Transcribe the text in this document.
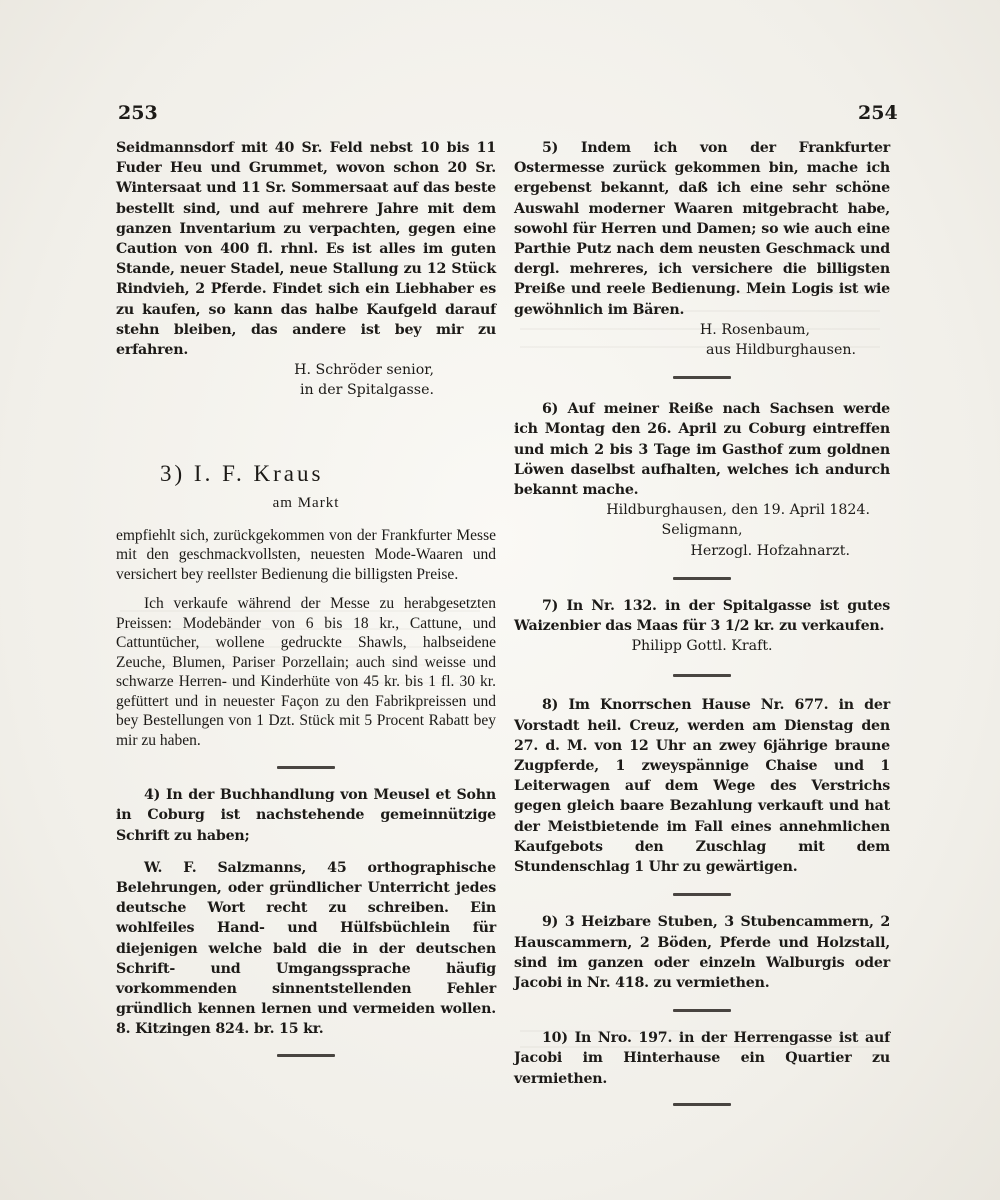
253	254

Seidmannsdorf mit 40 Sr. Feld nebst 10 bis 11 Fuder Heu und Grummet, wovon schon 20 Sr. Wintersaat und 11 Sr. Sommersaat auf das beste bestellt sind, und auf mehrere Jahre mit dem ganzen Inventarium zu verpachten, gegen eine Caution von 400 fl. rhnl. Es ist alles im guten Stande, neuer Stadel, neue Stallung zu 12 Stück Rindvieh, 2 Pferde. Findet sich ein Liebhaber es zu kaufen, so kann das halbe Kaufgeld darauf stehn bleiben, das andere ist bey mir zu erfahren.

H. Schröder senior,

in der Spitalgasse.

3) I. F. Kraus
am Markt

empfiehlt sich, zurückgekommen von der Frankfurter Messe mit den geschmackvollsten, neuesten Mode-Waaren und versichert bey reellster Bedienung die billigsten Preise.

Ich verkaufe während der Messe zu herabgesetzten Preissen: Modebänder von 6 bis 18 kr., Cattune, und Cattuntücher, wollene gedruckte Shawls, halbseidene Zeuche, Blumen, Pariser Porzellain; auch sind weisse und schwarze Herren- und Kinderhüte von 45 kr. bis 1 fl. 30 kr. gefüttert und in neuester Façon zu den Fabrikpreissen und bey Bestellungen von 1 Dzt. Stück mit 5 Procent Rabatt bey mir zu haben.

4) In der Buchhandlung von Meusel et Sohn in Coburg ist nachstehende gemeinnützige Schrift zu haben;

W. F. Salzmanns, 45 orthographische Belehrungen, oder gründlicher Unterricht jedes deutsche Wort recht zu schreiben. Ein wohlfeiles Hand- und Hülfsbüchlein für diejenigen welche bald die in der deutschen Schrift- und Umgangssprache häufig vorkommenden sinnentstellenden Fehler gründlich kennen lernen und vermeiden wollen. 8. Kitzingen 824. br. 15 kr.

5) Indem ich von der Frankfurter Ostermesse zurück gekommen bin, mache ich ergebenst bekannt, daß ich eine sehr schöne Auswahl moderner Waaren mitgebracht habe, sowohl für Herren und Damen; so wie auch eine Parthie Putz nach dem neusten Geschmack und dergl. mehreres, ich versichere die billigsten Preiße und reele Bedienung. Mein Logis ist wie gewöhnlich im Bären.

H. Rosenbaum,

aus Hildburghausen.

6) Auf meiner Reiße nach Sachsen werde ich Montag den 26. April zu Coburg eintreffen und mich 2 bis 3 Tage im Gasthof zum goldnen Löwen daselbst aufhalten, welches ich andurch bekannt mache.

Hildburghausen, den 19. April 1824.

Seligmann,

Herzogl. Hofzahnarzt.

7) In Nr. 132. in der Spitalgasse ist gutes Waizenbier das Maas für 3 1/2 kr. zu verkaufen.

Philipp Gottl. Kraft.

8) Im Knorrschen Hause Nr. 677. in der Vorstadt heil. Creuz, werden am Dienstag den 27. d. M. von 12 Uhr an zwey 6jährige braune Zugpferde, 1 zweyspännige Chaise und 1 Leiterwagen auf dem Wege des Verstrichs gegen gleich baare Bezahlung verkauft und hat der Meistbietende im Fall eines annehmlichen Kaufgebots den Zuschlag mit dem Stundenschlag 1 Uhr zu gewärtigen.

9) 3 Heizbare Stuben, 3 Stubencammern, 2 Hauscammern, 2 Böden, Pferde und Holzstall, sind im ganzen oder einzeln Walburgis oder Jacobi in Nr. 418. zu vermiethen.

10) In Nro. 197. in der Herrengasse ist auf Jacobi im Hinterhause ein Quartier zu vermiethen.
